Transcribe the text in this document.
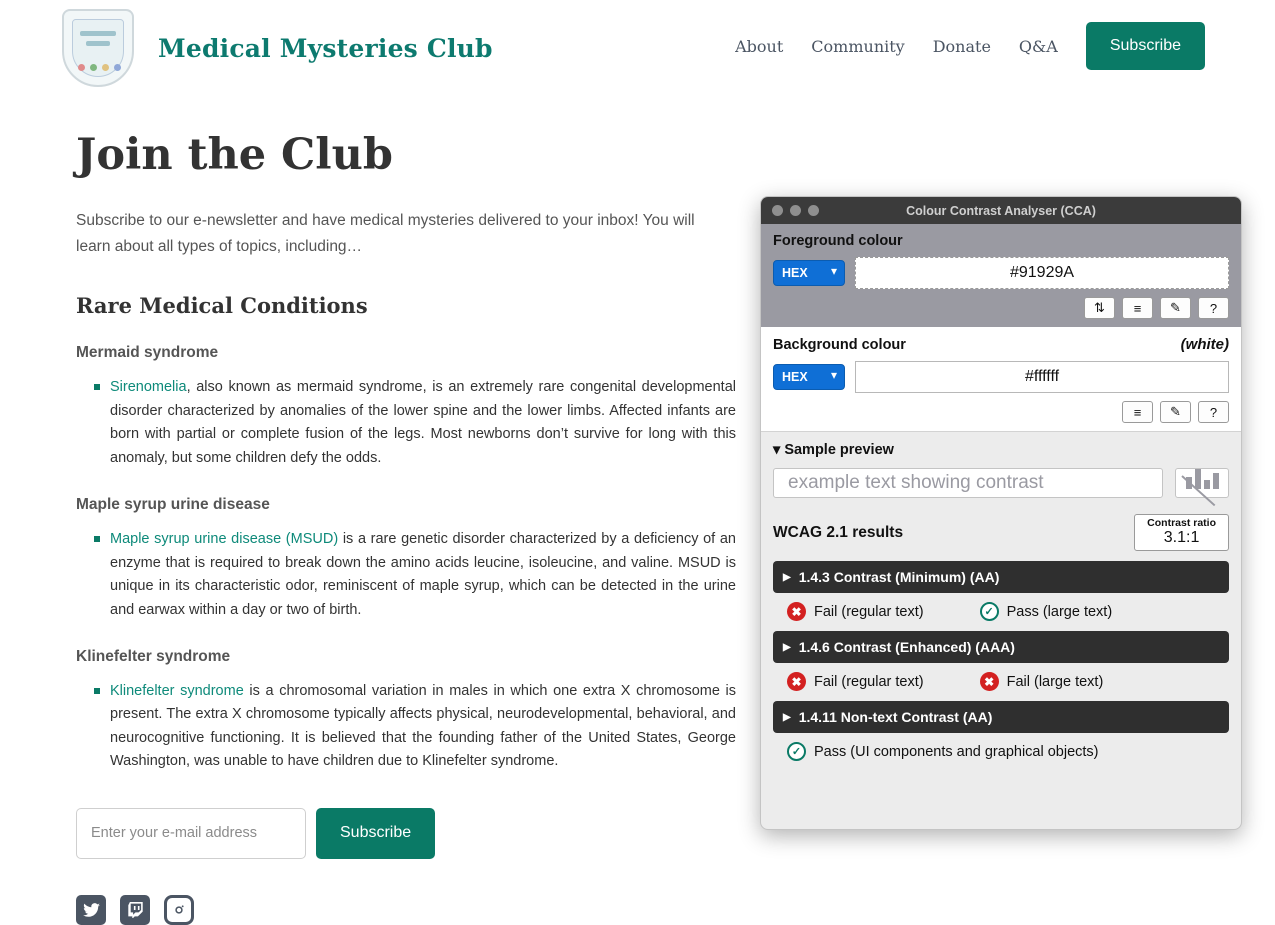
Medical Mysteries Club	About Community Donate Q&A	Subscribe
Join the Club

Subscribe to our e-newsletter and have medical mysteries delivered to your inbox! You will learn about all types of topics, including…

Rare Medical Conditions
Mermaid syndrome
Sirenomelia, also known as mermaid syndrome, is an extremely rare congenital developmental disorder characterized by anomalies of the lower spine and the lower limbs. Affected infants are born with partial or complete fusion of the legs. Most newborns don’t survive for long with this anomaly, but some children defy the odds.
Maple syrup urine disease
Maple syrup urine disease (MSUD) is a rare genetic disorder characterized by a deficiency of an enzyme that is required to break down the amino acids leucine, isoleucine, and valine. MSUD is unique in its characteristic odor, reminiscent of maple syrup, which can be detected in the urine and earwax within a day or two of birth.
Klinefelter syndrome
Klinefelter syndrome is a chromosomal variation in males in which one extra X chromosome is present. The extra X chromosome typically affects physical, neurodevelopmental, behavioral, and neurocognitive functioning. It is believed that the founding father of the United States, George Washington, was unable to have children due to Klinefelter syndrome.
Enter your e-mail address
Subscribe
Colour Contrast Analyser (CCA)
Foreground colour
HEX ▾
#91929A
⇅	≡	✎	?
Background colour	(white)
HEX ▾
#ffffff
≡	✎	?
▾ Sample preview
example text showing contrast
WCAG 2.1 results
Contrast ratio
3.1:1
▶ 1.4.3 Contrast (Minimum) (AA)
✖ Fail (regular text)	✓ Pass (large text)
▶ 1.4.6 Contrast (Enhanced) (AAA)
✖ Fail (regular text)	✖ Fail (large text)
▶ 1.4.11 Non-text Contrast (AA)
✓ Pass (UI components and graphical objects)
